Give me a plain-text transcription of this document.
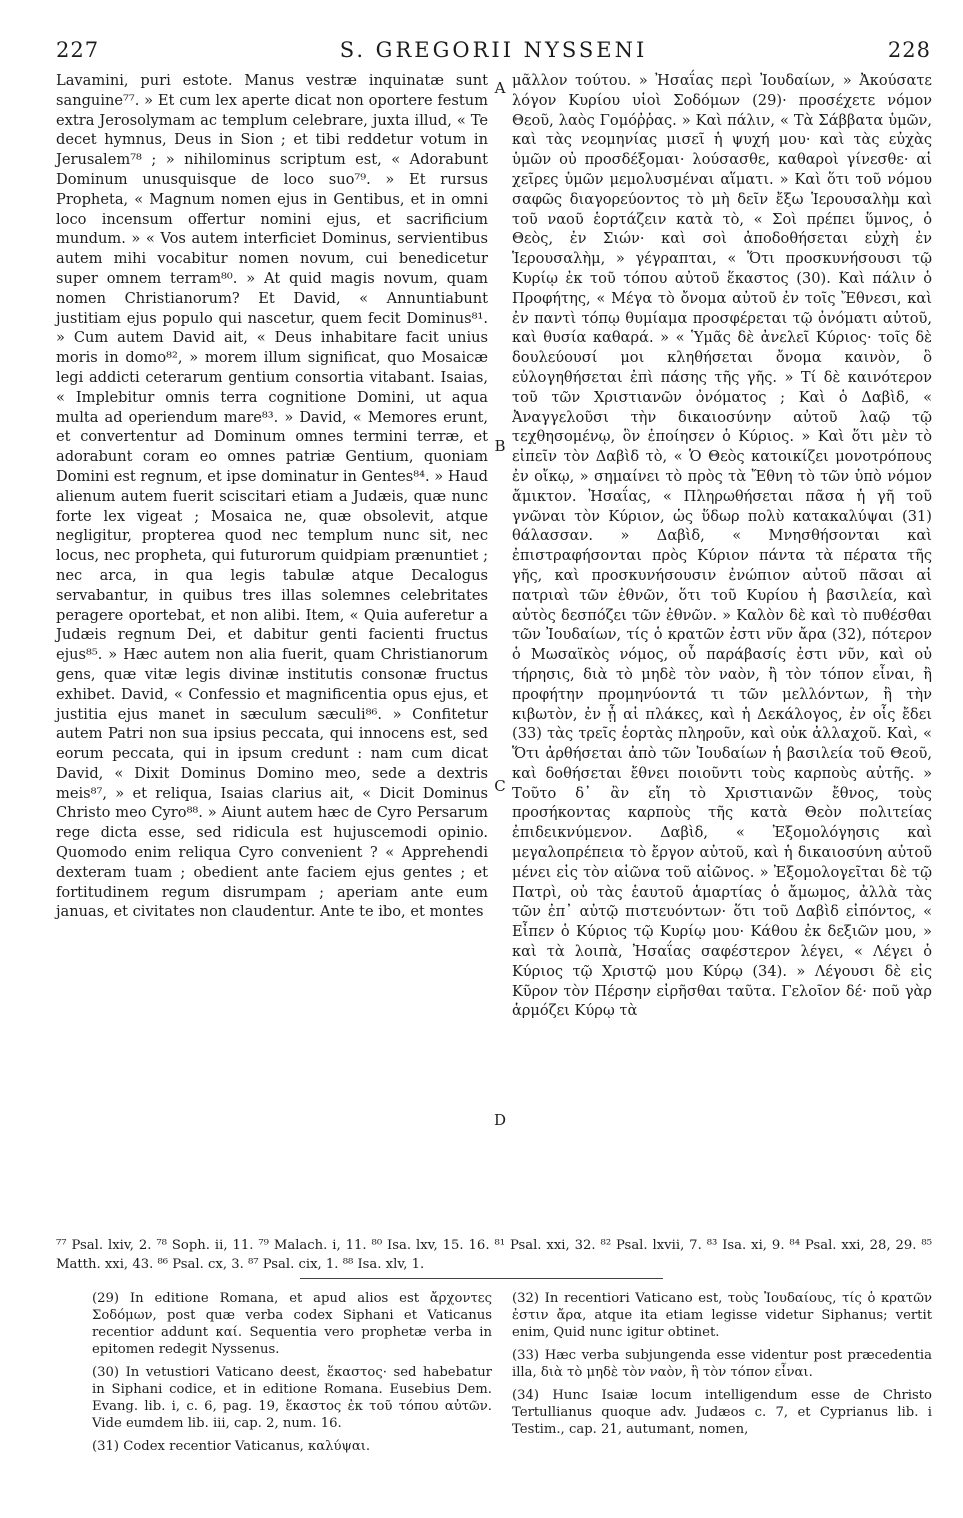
227	S. GREGORII NYSSENI	228

Lavamini, puri estote. Manus vestræ inquinatæ sunt sanguine⁷⁷. » Et cum lex aperte dicat non oportere festum extra Jerosolymam ac templum celebrare, juxta illud, « Te decet hymnus, Deus in Sion ; et tibi reddetur votum in Jerusalem⁷⁸ ; » nihilominus scriptum est, « Adorabunt Dominum unusquisque de loco suo⁷⁹. » Et rursus Propheta, « Magnum nomen ejus in Gentibus, et in omni loco incensum offertur nomini ejus, et sacrificium mundum. » « Vos autem interficiet Dominus, servientibus autem mihi vocabitur nomen novum, cui benedicetur super omnem terram⁸⁰. » At quid magis novum, quam nomen Christianorum? Et David, « Annuntiabunt justitiam ejus populo qui nascetur, quem fecit Dominus⁸¹. » Cum autem David ait, « Deus inhabitare facit unius moris in domo⁸², » morem illum significat, quo Mosaicæ legi addicti ceterarum gentium consortia vitabant. Isaias, « Implebitur omnis terra cognitione Domini, ut aqua multa ad operiendum mare⁸³. » David, « Memores erunt, et convertentur ad Dominum omnes termini terræ, et adorabunt coram eo omnes patriæ Gentium, quoniam Domini est regnum, et ipse dominatur in Gentes⁸⁴. » Haud alienum autem fuerit sciscitari etiam a Judæis, quæ nunc forte lex vigeat ; Mosaica ne, quæ obsolevit, atque negligitur, propterea quod nec templum nunc sit, nec locus, nec propheta, qui futurorum quidpiam prænuntiet ; nec arca, in qua legis tabulæ atque Decalogus servabantur, in quibus tres illas solemnes celebritates peragere oportebat, et non alibi. Item, « Quia auferetur a Judæis regnum Dei, et dabitur genti facienti fructus ejus⁸⁵. » Hæc autem non alia fuerit, quam Christianorum gens, quæ vitæ legis divinæ institutis consonæ fructus exhibet. David, « Confessio et magnificentia opus ejus, et justitia ejus manet in sæculum sæculi⁸⁶. » Confitetur autem Patri non sua ipsius peccata, qui innocens est, sed eorum peccata, qui in ipsum credunt : nam cum dicat David, « Dixit Dominus Domino meo, sede a dextris meis⁸⁷, » et reliqua, Isaias clarius ait, « Dicit Dominus Christo meo Cyro⁸⁸. » Aiunt autem hæc de Cyro Persarum rege dicta esse, sed ridicula est hujuscemodi opinio. Quomodo enim reliqua Cyro convenient ? « Apprehendi dexteram tuam ; obedient ante faciem ejus gentes ; et fortitudinem regum disrumpam ; aperiam ante eum januas, et civitates non claudentur. Ante te ibo, et montes

A
B
C
D

μᾶλλον τούτου. » Ἠσαΐας περὶ Ἰουδαίων, » Ἀκούσατε λόγον Κυρίου υἱοὶ Σοδόμων (29)· προσέχετε νόμον Θεοῦ, λαὸς Γομόῤῥας. » Καὶ πάλιν, « Τὰ Σάββατα ὑμῶν, καὶ τὰς νεομηνίας μισεῖ ἡ ψυχή μου· καὶ τὰς εὐχὰς ὑμῶν οὐ προσδέξομαι· λούσασθε, καθαροὶ γίνεσθε· αἱ χεῖρες ὑμῶν μεμολυσμέναι αἵματι. » Καὶ ὅτι τοῦ νόμου σαφῶς διαγορεύοντος τὸ μὴ δεῖν ἔξω Ἱερουσαλὴμ καὶ τοῦ ναοῦ ἑορτάζειν κατὰ τὸ, « Σοὶ πρέπει ὕμνος, ὁ Θεὸς, ἐν Σιών· καὶ σοὶ ἀποδοθήσεται εὐχὴ ἐν Ἱερουσαλὴμ, » γέγραπται, « Ὅτι προσκυνήσουσι τῷ Κυρίῳ ἐκ τοῦ τόπου αὐτοῦ ἕκαστος (30). Καὶ πάλιν ὁ Προφήτης, « Μέγα τὸ ὄνομα αὐτοῦ ἐν τοῖς Ἔθνεσι, καὶ ἐν παντὶ τόπῳ θυμίαμα προσφέρεται τῷ ὀνόματι αὐτοῦ, καὶ θυσία καθαρά. » « Ὑμᾶς δὲ ἀνελεῖ Κύριος· τοῖς δὲ δουλεύουσί μοι κληθήσεται ὄνομα καινὸν, ὃ εὐλογηθήσεται ἐπὶ πάσης τῆς γῆς. » Τί δὲ καινότερον τοῦ τῶν Χριστιανῶν ὀνόματος ; Καὶ ὁ Δαβὶδ, « Ἀναγγελοῦσι τὴν δικαιοσύνην αὐτοῦ λαῷ τῷ τεχθησομένῳ, ὃν ἐποίησεν ὁ Κύριος. » Καὶ ὅτι μὲν τὸ εἰπεῖν τὸν Δαβὶδ τὸ, « Ὁ Θεὸς κατοικίζει μονοτρόπους ἐν οἴκῳ, » σημαίνει τὸ πρὸς τὰ Ἔθνη τὸ τῶν ὑπὸ νόμον ἄμικτον. Ἠσαΐας, « Πληρωθήσεται πᾶσα ἡ γῆ τοῦ γνῶναι τὸν Κύριον, ὡς ὕδωρ πολὺ κατακαλύψαι (31) θάλασσαν. » Δαβὶδ, « Μνησθήσονται καὶ ἐπιστραφήσονται πρὸς Κύριον πάντα τὰ πέρατα τῆς γῆς, καὶ προσκυνήσουσιν ἐνώπιον αὐτοῦ πᾶσαι αἱ πατριαὶ τῶν ἐθνῶν, ὅτι τοῦ Κυρίου ἡ βασιλεία, καὶ αὐτὸς δεσπόζει τῶν ἐθνῶν. » Καλὸν δὲ καὶ τὸ πυθέσθαι τῶν Ἰουδαίων, τίς ὁ κρατῶν ἐστι νῦν ἄρα (32), πότερον ὁ Μωσαϊκὸς νόμος, οὗ παράβασίς ἐστι νῦν, καὶ οὐ τήρησις, διὰ τὸ μηδὲ τὸν ναὸν, ἢ τὸν τόπον εἶναι, ἢ προφήτην προμηνύοντά τι τῶν μελλόντων, ἢ τὴν κιβωτὸν, ἐν ᾗ αἱ πλάκες, καὶ ἡ Δεκάλογος, ἐν οἷς ἔδει (33) τὰς τρεῖς ἑορτὰς πληροῦν, καὶ οὐκ ἀλλαχοῦ. Καὶ, « Ὅτι ἀρθήσεται ἀπὸ τῶν Ἰουδαίων ἡ βασιλεία τοῦ Θεοῦ, καὶ δοθήσεται ἔθνει ποιοῦντι τοὺς καρποὺς αὐτῆς. » Τοῦτο δ᾽ ἂν εἴη τὸ Χριστιανῶν ἔθνος, τοὺς προσήκοντας καρποὺς τῆς κατὰ Θεὸν πολιτείας ἐπιδεικνύμενον. Δαβὶδ, « Ἐξομολόγησις καὶ μεγαλοπρέπεια τὸ ἔργον αὐτοῦ, καὶ ἡ δικαιοσύνη αὐτοῦ μένει εἰς τὸν αἰῶνα τοῦ αἰῶνος. » Ἐξομολογεῖται δὲ τῷ Πατρὶ, οὐ τὰς ἑαυτοῦ ἁμαρτίας ὁ ἄμωμος, ἀλλὰ τὰς τῶν ἐπ᾽ αὐτῷ πιστευόντων· ὅτι τοῦ Δαβὶδ εἰπόντος, « Εἶπεν ὁ Κύριος τῷ Κυρίῳ μου· Κάθου ἐκ δεξιῶν μου, » καὶ τὰ λοιπὰ, Ἠσαΐας σαφέστερον λέγει, « Λέγει ὁ Κύριος τῷ Χριστῷ μου Κύρῳ (34). » Λέγουσι δὲ εἰς Κῦρον τὸν Πέρσην εἰρῆσθαι ταῦτα. Γελοῖον δέ· ποῦ γὰρ ἁρμόζει Κύρῳ τὰ

⁷⁷ Psal. lxiv, 2. ⁷⁸ Soph. ii, 11. ⁷⁹ Malach. i, 11. ⁸⁰ Isa. lxv, 15. 16. ⁸¹ Psal. xxi, 32. ⁸² Psal. lxvii, 7. ⁸³ Isa. xi, 9. ⁸⁴ Psal. xxi, 28, 29. ⁸⁵ Matth. xxi, 43. ⁸⁶ Psal. cx, 3. ⁸⁷ Psal. cix, 1. ⁸⁸ Isa. xlv, 1.

(29) In editione Romana, et apud alios est ἄρχοντες Σοδόμων, post quæ verba codex Siphani et Vaticanus recentior addunt καί. Sequentia vero prophetæ verba in epitomen redegit Nyssenus.

(30) In vetustiori Vaticano deest, ἕκαστος· sed habebatur in Siphani codice, et in editione Romana. Eusebius Dem. Evang. lib. i, c. 6, pag. 19, ἕκαστος ἐκ τοῦ τόπου αὐτῶν. Vide eumdem lib. iii, cap. 2, num. 16.

(31) Codex recentior Vaticanus, καλύψαι.

(32) In recentiori Vaticano est, τοὺς Ἰουδαίους, τίς ὁ κρατῶν ἐστιν ἄρα, atque ita etiam legisse videtur Siphanus; vertit enim, Quid nunc igitur obtinet.

(33) Hæc verba subjungenda esse videntur post præcedentia illa, διὰ τὸ μηδὲ τὸν ναὸν, ἢ τὸν τόπον εἶναι.

(34) Hunc Isaiæ locum intelligendum esse de Christo Tertullianus quoque adv. Judæos c. 7, et Cyprianus lib. i Testim., cap. 21, autumant, nomen,
